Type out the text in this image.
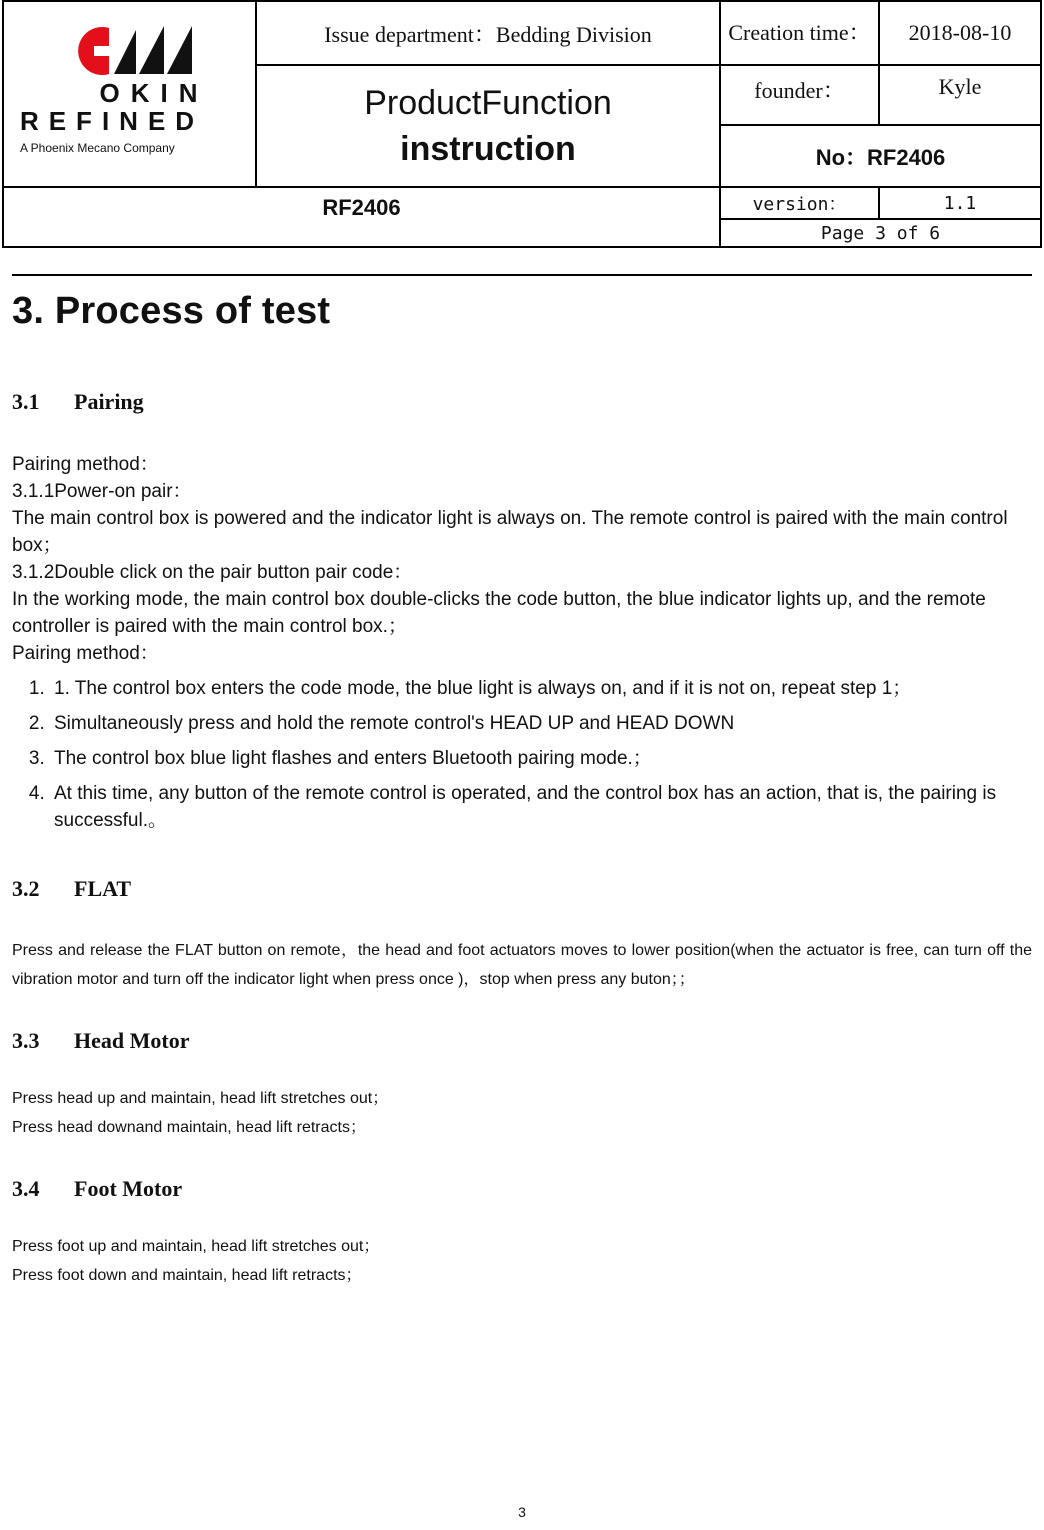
OKIN
REFINED
A Phoenix Mecano Company
Issue department：Bedding Division	Creation time：	2018-08-10
ProductFunction
instruction
founder：	Kyle
No：RF2406
RF2406	version：	1.1
Page 3 of 6
3. Process of test
3.1 Pairing

Pairing method：

3.1.1Power-on pair：

The main control box is powered and the indicator light is always on. The remote control is paired with the main control box；

3.1.2Double click on the pair button pair code：

In the working mode, the main control box double-clicks the code button, the blue indicator lights up, and the remote controller is paired with the main control box.；

Pairing method：

1. 1. The control box enters the code mode, the blue light is always on, and if it is not on, repeat step 1；
2. Simultaneously press and hold the remote control's HEAD UP and HEAD DOWN
3. The control box blue light flashes and enters Bluetooth pairing mode.；
4. At this time, any button of the remote control is operated, and the control box has an action, that is, the pairing is successful.。
3.2 FLAT

Press and release the FLAT button on remote，the head and foot actuators moves to lower position(when the actuator is free, can turn off the vibration motor and turn off the indicator light when press once )，stop when press any buton；；

3.3 Head Motor

Press head up and maintain, head lift stretches out；

Press head downand maintain, head lift retracts；

3.4 Foot Motor

Press foot up and maintain, head lift stretches out；

Press foot down and maintain, head lift retracts；

3
